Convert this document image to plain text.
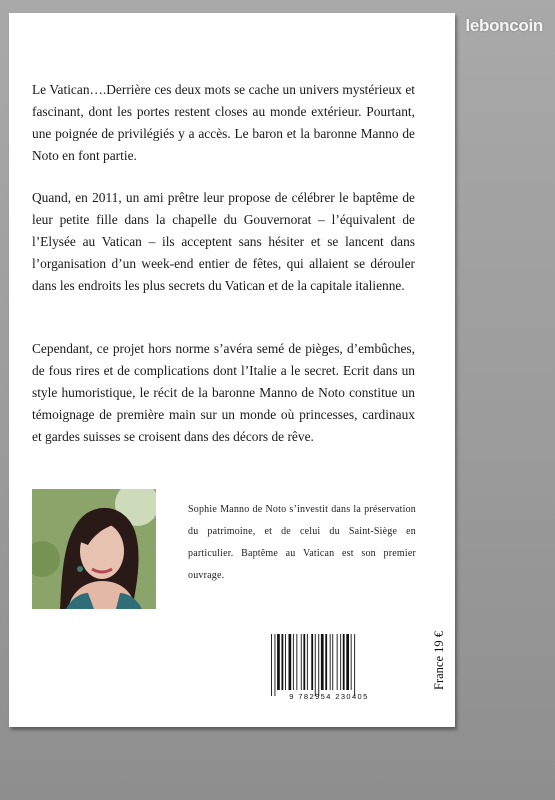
leboncoin

Le Vatican….Derrière ces deux mots se cache un univers mystérieux et fascinant, dont les portes restent closes au monde extérieur. Pourtant, une poignée de privilégiés y a accès. Le baron et la baronne Manno de Noto en font partie.

Quand, en 2011, un ami prêtre leur propose de célébrer le baptême de leur petite fille dans la chapelle du Gouvernorat – l’équivalent de l’Elysée au Vatican – ils acceptent sans hésiter et se lancent dans l’organisation d’un week-end entier de fêtes, qui allaient se dérouler dans les endroits les plus secrets du Vatican et de la capitale italienne.

Cependant, ce projet hors norme s’avéra semé de pièges, d’embûches, de fous rires et de complications dont l’Italie a le secret. Ecrit dans un style humoristique, le récit de la baronne Manno de Noto constitue un témoignage de première main sur un monde où princesses, cardinaux et gardes suisses se croisent dans des décors de rêve.

Sophie Manno de Noto s’investit dans la préservation du patrimoine, et de celui du Saint-Siège en particulier. Baptême au Vatican est son premier ouvrage.

9 782954 230405
France 19 €
